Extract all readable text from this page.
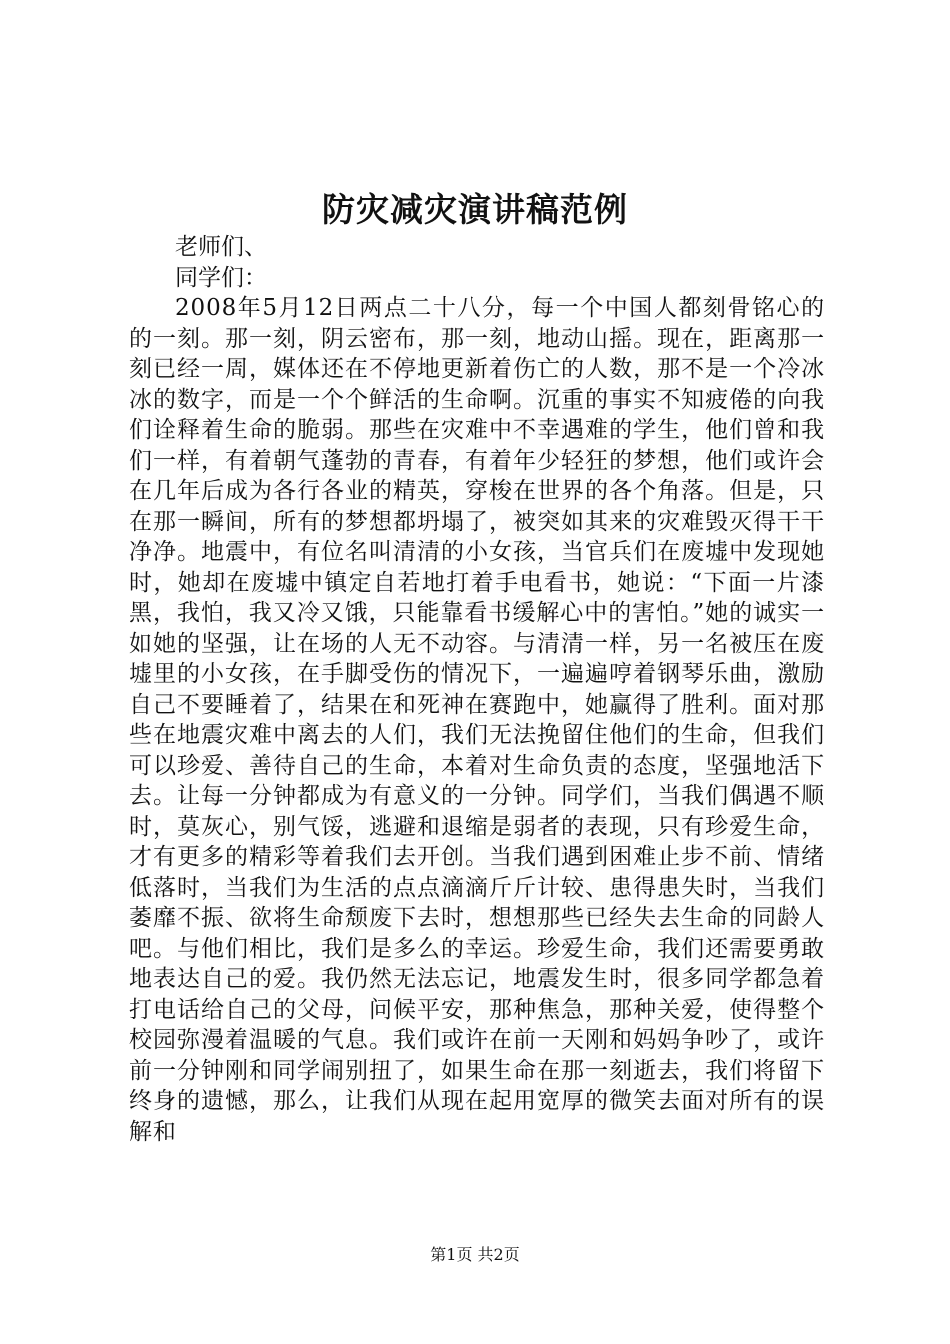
防灾减灾演讲稿范例

老师们、

同学们：

2008年5月12日两点二十八分，每一个中国人都刻骨铭心的的一刻。那一刻，阴云密布，那一刻，地动山摇。现在，距离那一刻已经一周，媒体还在不停地更新着伤亡的人数，那不是一个冷冰冰的数字，而是一个个鲜活的生命啊。沉重的事实不知疲倦的向我们诠释着生命的脆弱。那些在灾难中不幸遇难的学生，他们曾和我们一样，有着朝气蓬勃的青春，有着年少轻狂的梦想，他们或许会在几年后成为各行各业的精英，穿梭在世界的各个角落。但是，只在那一瞬间，所有的梦想都坍塌了，被突如其来的灾难毁灭得干干净净。地震中，有位名叫清清的小女孩，当官兵们在废墟中发现她时，她却在废墟中镇定自若地打着手电看书，她说：“下面一片漆黑，我怕，我又冷又饿，只能靠看书缓解心中的害怕。”她的诚实一如她的坚强，让在场的人无不动容。与清清一样，另一名被压在废墟里的小女孩，在手脚受伤的情况下，一遍遍哼着钢琴乐曲，激励自己不要睡着了，结果在和死神在赛跑中，她赢得了胜利。面对那些在地震灾难中离去的人们，我们无法挽留住他们的生命，但我们可以珍爱、善待自己的生命，本着对生命负责的态度，坚强地活下去。让每一分钟都成为有意义的一分钟。同学们，当我们偶遇不顺时，莫灰心，别气馁，逃避和退缩是弱者的表现，只有珍爱生命，才有更多的精彩等着我们去开创。当我们遇到困难止步不前、情绪低落时，当我们为生活的点点滴滴斤斤计较、患得患失时，当我们萎靡不振、欲将生命颓废下去时，想想那些已经失去生命的同龄人吧。与他们相比，我们是多么的幸运。珍爱生命，我们还需要勇敢地表达自己的爱。我仍然无法忘记，地震发生时，很多同学都急着打电话给自己的父母，问候平安，那种焦急，那种关爱，使得整个校园弥漫着温暖的气息。我们或许在前一天刚和妈妈争吵了，或许前一分钟刚和同学闹别扭了，如果生命在那一刻逝去，我们将留下终身的遗憾，那么，让我们从现在起用宽厚的微笑去面对所有的误解和

第1页 共2页
